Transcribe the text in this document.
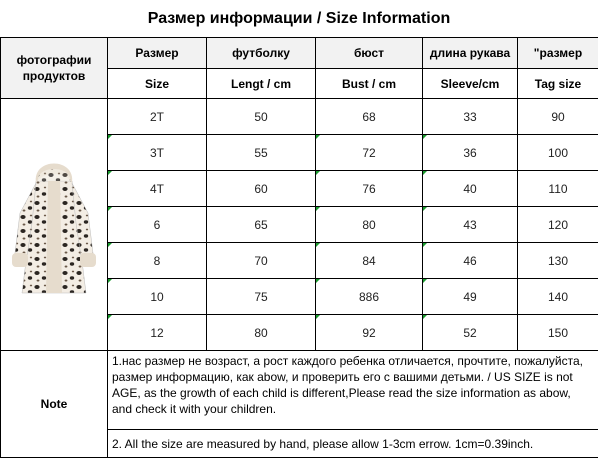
Размер информации / Size Information
фотографии продуктов	Размер	футболку	бюст	длина рукава	"размер
	Size	Lengt / cm	Bust / cm	Sleeve/cm	Tag size
	2T	50	68	33	90
	3T	55	72	36	100
	4T	60	76	40	110
	6	65	80	43	120
	8	70	84	46	130
	10	75	886	49	140
	12	80	92	52	150
Note	1.нас размер не возраст, а рост каждого ребенка отличается, прочтите, пожалуйста, размер информацию, как abow, и проверить его с вашими детьми. / US SIZE is not AGE, as the growth of each child is different,Please read the size information as abow, and check it with your children.				
	2. All the size are measured by hand, please allow 1-3cm errow. 1cm=0.39inch.				
